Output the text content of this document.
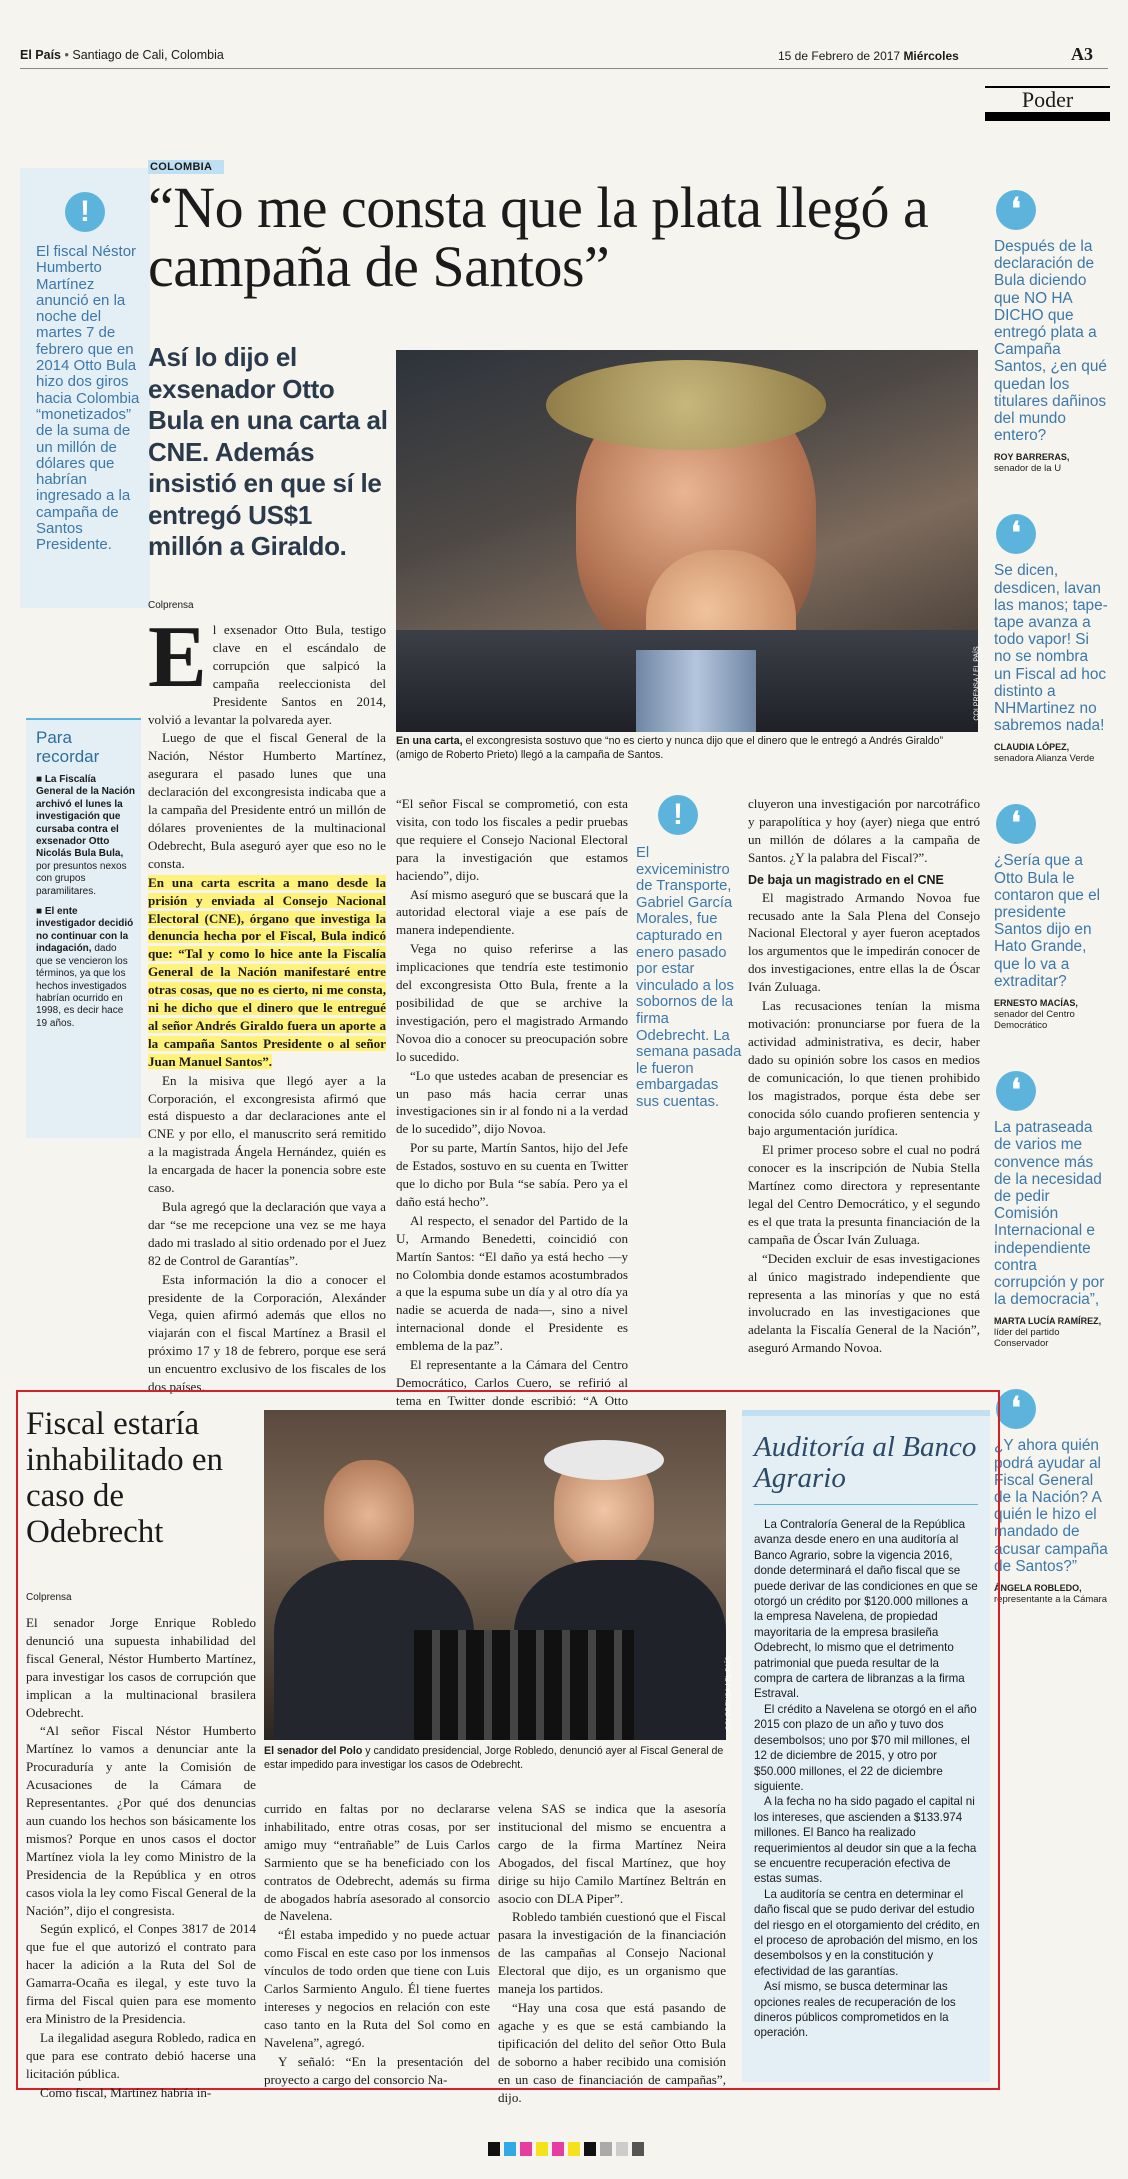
El País • Santiago de Cali, Colombia	15 de Febrero de 2017 Miércoles	A3
Poder
!
El fiscal Néstor Humberto Martínez anunció en la noche del martes 7 de febrero que en 2014 Otto Bula hizo dos giros hacia Colombia “monetizados” de la suma de un millón de dólares que habrían ingresado a la campaña de Santos Presidente.
Para recordar
■ La Fiscalía General de la Nación archivó el lunes la investigación que cursaba contra el exsenador Otto Nicolás Bula Bula, por presuntos nexos con grupos paramilitares.
■ El ente investigador decidió no continuar con la indagación, dado que se vencieron los términos, ya que los hechos investigados habrían ocurrido en 1998, es decir hace 19 años.
COLOMBIA
“No me consta que la plata llegó a campaña de Santos”
Así lo dijo el exsenador Otto Bula en una carta al CNE. Además insistió en que sí le entregó US$1 millón a Giraldo.
COLPRENSA / EL PAÍS
En una carta, el excongresista sostuvo que “no es cierto y nunca dijo que el dinero que le entregó a Andrés Giraldo” (amigo de Roberto Prieto) llegó a la campaña de Santos.
Colprensa
E l exsenador Otto Bula, testigo clave en el escándalo de corrupción que salpicó la campaña reeleccionista del Presidente Santos en 2014, volvió a levantar la polvareda ayer.
Luego de que el fiscal General de la Nación, Néstor Humberto Martínez, asegurara el pasado lunes que una declaración del excongresista indicaba que a la campaña del Presidente entró un millón de dólares provenientes de la multinacional Odebrecht, Bula aseguró ayer que eso no le consta.
En una carta escrita a mano desde la prisión y enviada al Consejo Nacional Electoral (CNE), órgano que investiga la denuncia hecha por el Fiscal, Bula indicó que: “Tal y como lo hice ante la Fiscalía General de la Nación manifestaré entre otras cosas, que no es cierto, ni me consta, ni he dicho que el dinero que le entregué al señor Andrés Giraldo fuera un aporte a la campaña Santos Presidente o al señor Juan Manuel Santos”.
En la misiva que llegó ayer a la Corporación, el excongresista afirmó que está dispuesto a dar declaraciones ante el CNE y por ello, el manuscrito será remitido a la magistrada Ángela Hernández, quién es la encargada de hacer la ponencia sobre este caso.
Bula agregó que la declaración que vaya a dar “se me recepcione una vez se me haya dado mi traslado al sitio ordenado por el Juez 82 de Control de Garantías”.
Esta información la dio a conocer el presidente de la Corporación, Alexánder Vega, quien afirmó además que ellos no viajarán con el fiscal Martínez a Brasil el próximo 17 y 18 de febrero, porque ese será un encuentro exclusivo de los fiscales de los dos países.
“El señor Fiscal se comprometió, con esta visita, con todo los fiscales a pedir pruebas que requiere el Consejo Nacional Electoral para la investigación que estamos haciendo”, dijo.
Así mismo aseguró que se buscará que la autoridad electoral viaje a ese país de manera independiente.
Vega no quiso referirse a las implicaciones que tendría este testimonio del excongresista Otto Bula, frente a la posibilidad de que se archive la investigación, pero el magistrado Armando Novoa dio a conocer su preocupación sobre lo sucedido.
“Lo que ustedes acaban de presenciar es un paso más hacia cerrar unas investigaciones sin ir al fondo ni a la verdad de lo sucedido”, dijo Novoa.
Por su parte, Martín Santos, hijo del Jefe de Estados, sostuvo en su cuenta en Twitter que lo dicho por Bula “se sabía. Pero ya el daño está hecho”.
Al respecto, el senador del Partido de la U, Armando Benedetti, coincidió con Martín Santos: “El daño ya está hecho —y no Colombia donde estamos acostumbrados a que la espuma sube un día y al otro día ya nadie se acuerda de nada—, sino a nivel internacional donde el Presidente es emblema de la paz”.
El representante a la Cámara del Centro Democrático, Carlos Cuero, se refirió al tema en Twitter donde escribió: “A Otto
!
El exviceministro de Transporte, Gabriel García Morales, fue capturado en enero pasado por estar vinculado a los sobornos de la firma Odebrecht. La semana pasada le fueron embargadas sus cuentas.
cluyeron una investigación por narcotráfico y parapolítica y hoy (ayer) niega que entró un millón de dólares a la campaña de Santos. ¿Y la palabra del Fiscal?”.
De baja un magistrado en el CNE
El magistrado Armando Novoa fue recusado ante la Sala Plena del Consejo Nacional Electoral y ayer fueron aceptados los argumentos que le impedirán conocer de dos investigaciones, entre ellas la de Óscar Iván Zuluaga.
Las recusaciones tenían la misma motivación: pronunciarse por fuera de la actividad administrativa, es decir, haber dado su opinión sobre los casos en medios de comunicación, lo que tienen prohibido los magistrados, porque ésta debe ser conocida sólo cuando profieren sentencia y bajo argumentación jurídica.
El primer proceso sobre el cual no podrá conocer es la inscripción de Nubia Stella Martínez como directora y representante legal del Centro Democrático, y el segundo es el que trata la presunta financiación de la campaña de Óscar Iván Zuluaga.
“Deciden excluir de esas investigaciones al único magistrado independiente que representa a las minorías y que no está involucrado en las investigaciones que adelanta la Fiscalía General de la Nación”, aseguró Armando Novoa.
❛
Después de la declaración de Bula diciendo que NO HA DICHO que entregó plata a Campaña Santos, ¿en qué quedan los titulares dañinos del mundo entero?
ROY BARRERAS,
senador de la U
❛
Se dicen, desdicen, lavan las manos; tape-tape avanza a todo vapor! Si no se nombra un Fiscal ad hoc distinto a NHMartinez no sabremos nada!
CLAUDIA LÓPEZ,
senadora Alianza Verde
❛
¿Sería que a Otto Bula le contaron que el presidente Santos dijo en Hato Grande, que lo va a extraditar?
ERNESTO MACÍAS,
senador del Centro Democrático
❛
La patraseada de varios me convence más de la necesidad de pedir Comisión Internacional e independiente contra corrupción y por la democracia”,
MARTA LUCÍA RAMÍREZ,
líder del partido Conservador
❛
¿Y ahora quién podrá ayudar al Fiscal General de la Nación? A quién le hizo el mandado de acusar campaña de Santos?”
ÁNGELA ROBLEDO,
representante a la Cámara
Fiscal estaría inhabilitado en caso de Odebrecht
Colprensa
COLPRENSA / EL PAÍS
El senador del Polo y candidato presidencial, Jorge Robledo, denunció ayer al Fiscal General de estar impedido para investigar los casos de Odebrecht.
El senador Jorge Enrique Robledo denunció una supuesta inhabilidad del fiscal General, Néstor Humberto Martínez, para investigar los casos de corrupción que implican a la multinacional brasilera Odebrecht.
“Al señor Fiscal Néstor Humberto Martínez lo vamos a denunciar ante la Procuraduría y ante la Comisión de Acusaciones de la Cámara de Representantes. ¿Por qué dos denuncias aun cuando los hechos son básicamente los mismos? Porque en unos casos el doctor Martínez viola la ley como Ministro de la Presidencia de la República y en otros casos viola la ley como Fiscal General de la Nación”, dijo el congresista.
Según explicó, el Conpes 3817 de 2014 que fue el que autorizó el contrato para hacer la adición a la Ruta del Sol de Gamarra-Ocaña es ilegal, y este tuvo la firma del Fiscal quien para ese momento era Ministro de la Presidencia.
La ilegalidad asegura Robledo, radica en que para ese contrato debió hacerse una licitación pública.
Como fiscal, Martínez habría in-
currido en faltas por no declararse inhabilitado, entre otras cosas, por ser amigo muy “entrañable” de Luis Carlos Sarmiento que se ha beneficiado con los contratos de Odebrecht, además su firma de abogados habría asesorado al consorcio de Navelena.
“Él estaba impedido y no puede actuar como Fiscal en este caso por los inmensos vínculos de todo orden que tiene con Luis Carlos Sarmiento Angulo. Él tiene fuertes intereses y negocios en relación con este caso tanto en la Ruta del Sol como en Navelena”, agregó.
Y señaló: “En la presentación del proyecto a cargo del consorcio Na-
velena SAS se indica que la asesoría institucional del mismo se encuentra a cargo de la firma Martínez Neira Abogados, del fiscal Martínez, que hoy dirige su hijo Camilo Martínez Beltrán en asocio con DLA Piper”.
Robledo también cuestionó que el Fiscal pasara la investigación de la financiación de las campañas al Consejo Nacional Electoral que dijo, es un organismo que maneja los partidos.
“Hay una cosa que está pasando de agache y es que se está cambiando la tipificación del delito del señor Otto Bula de soborno a haber recibido una comisión en un caso de financiación de campañas”, dijo.
Auditoría al Banco Agrario
La Contraloría General de la República avanza desde enero en una auditoría al Banco Agrario, sobre la vigencia 2016, donde determinará el daño fiscal que se puede derivar de las condiciones en que se otorgó un crédito por $120.000 millones a la empresa Navelena, de propiedad mayoritaria de la empresa brasileña Odebrecht, lo mismo que el detrimento patrimonial que pueda resultar de la compra de cartera de libranzas a la firma Estraval.
El crédito a Navelena se otorgó en el año 2015 con plazo de un año y tuvo dos desembolsos; uno por $70 mil millones, el 12 de diciembre de 2015, y otro por $50.000 millones, el 22 de diciembre siguiente.
A la fecha no ha sido pagado el capital ni los intereses, que ascienden a $133.974 millones. El Banco ha realizado requerimientos al deudor sin que a la fecha se encuentre recuperación efectiva de estas sumas.
La auditoría se centra en determinar el daño fiscal que se pudo derivar del estudio del riesgo en el otorgamiento del crédito, en el proceso de aprobación del mismo, en los desembolsos y en la constitución y efectividad de las garantías.
Así mismo, se busca determinar las opciones reales de recuperación de los dineros públicos comprometidos en la operación.
